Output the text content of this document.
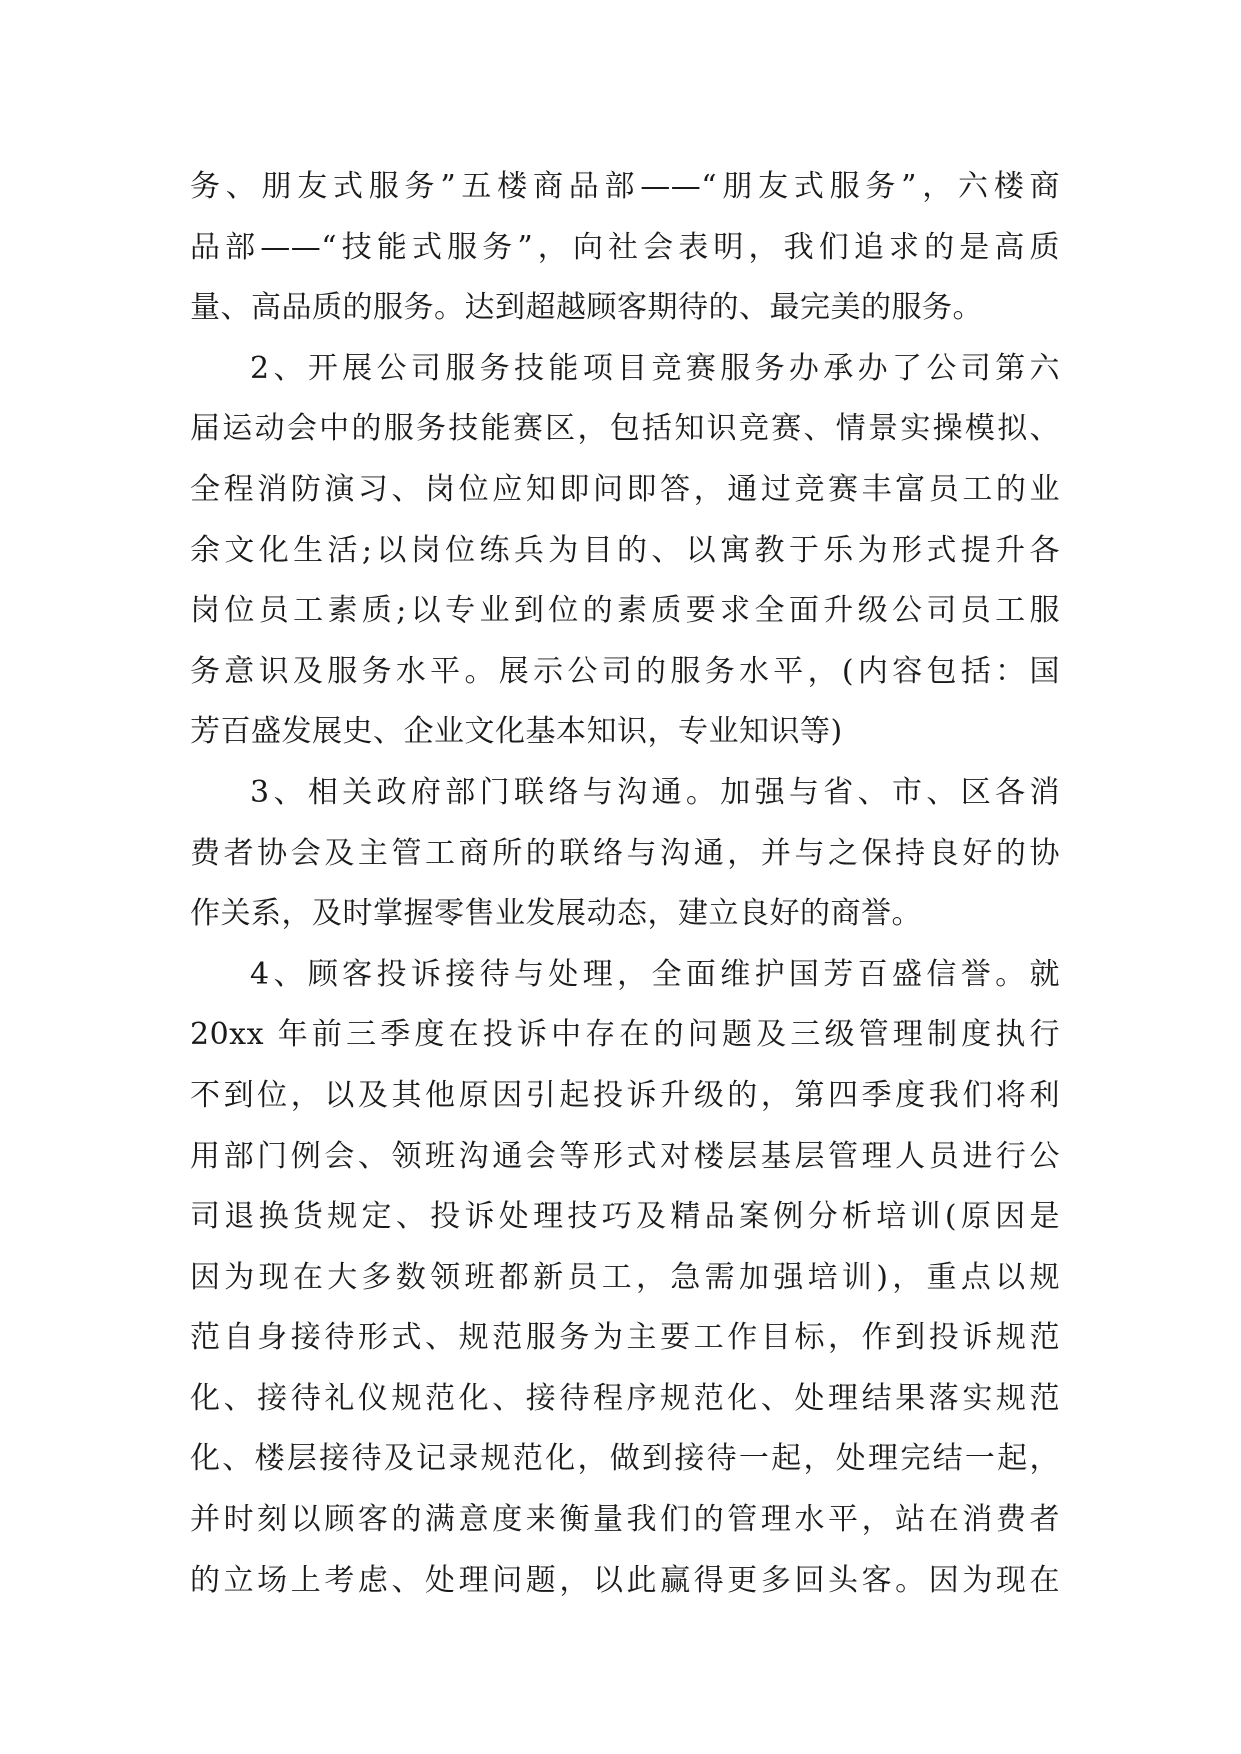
务、朋友式服务”五楼商品部——“朋友式服务”，六楼商
品部——“技能式服务”，向社会表明，我们追求的是高质
量、高品质的服务。达到超越顾客期待的、最完美的服务。
2、开展公司服务技能项目竞赛服务办承办了公司第六
届运动会中的服务技能赛区，包括知识竞赛、情景实操模拟、
全程消防演习、岗位应知即问即答，通过竞赛丰富员工的业
余文化生活;以岗位练兵为目的、以寓教于乐为形式提升各
岗位员工素质;以专业到位的素质要求全面升级公司员工服
务意识及服务水平。展示公司的服务水平，(内容包括：国
芳百盛发展史、企业文化基本知识，专业知识等)
3、相关政府部门联络与沟通。加强与省、市、区各消
费者协会及主管工商所的联络与沟通，并与之保持良好的协
作关系，及时掌握零售业发展动态，建立良好的商誉。
4、顾客投诉接待与处理，全面维护国芳百盛信誉。就
20xx 年前三季度在投诉中存在的问题及三级管理制度执行
不到位，以及其他原因引起投诉升级的，第四季度我们将利
用部门例会、领班沟通会等形式对楼层基层管理人员进行公
司退换货规定、投诉处理技巧及精品案例分析培训(原因是
因为现在大多数领班都新员工，急需加强培训)，重点以规
范自身接待形式、规范服务为主要工作目标，作到投诉规范
化、接待礼仪规范化、接待程序规范化、处理结果落实规范
化、楼层接待及记录规范化，做到接待一起，处理完结一起，
并时刻以顾客的满意度来衡量我们的管理水平，站在消费者
的立场上考虑、处理问题，以此赢得更多回头客。因为现在
